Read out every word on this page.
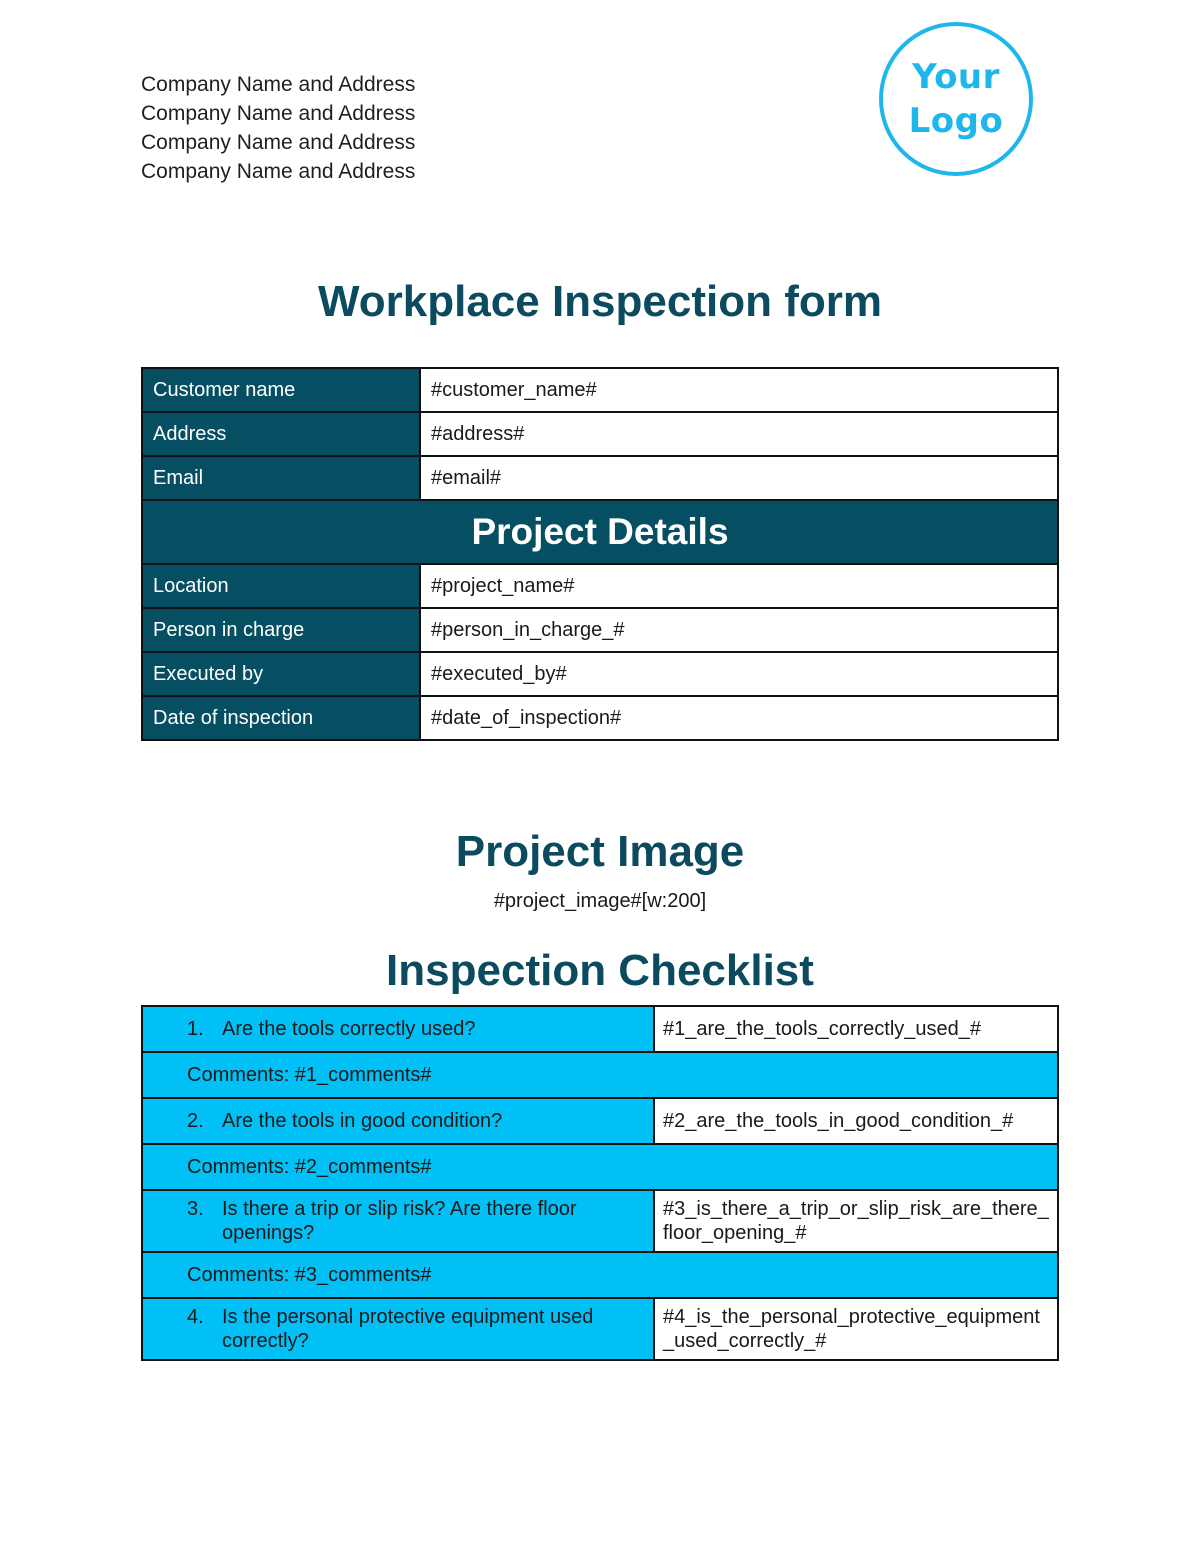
Company Name and Address
Company Name and Address
Company Name and Address
Company Name and Address
Your
Logo
Workplace Inspection form
Customer name	#customer_name#
Address	#address#
Email	#email#
Project Details	
Location	#project_name#
Person in charge	#person_in_charge_#
Executed by	#executed_by#
Date of inspection	#date_of_inspection#
Project Image
#project_image#[w:200]
Inspection Checklist
1. Are the tools correctly used?	#1_are_the_tools_correctly_used_#
Comments: #1_comments#	

2. Are the tools in good condition?	#2_are_the_tools_in_good_condition_#
Comments: #2_comments#	

3. Is there a trip or slip risk? Are there floor openings?	#3_is_there_a_trip_or_slip_risk_are_there_floor_opening_#
Comments: #3_comments#	

4. Is the personal protective equipment used correctly?	#4_is_the_personal_protective_equipment_used_correctly_#
